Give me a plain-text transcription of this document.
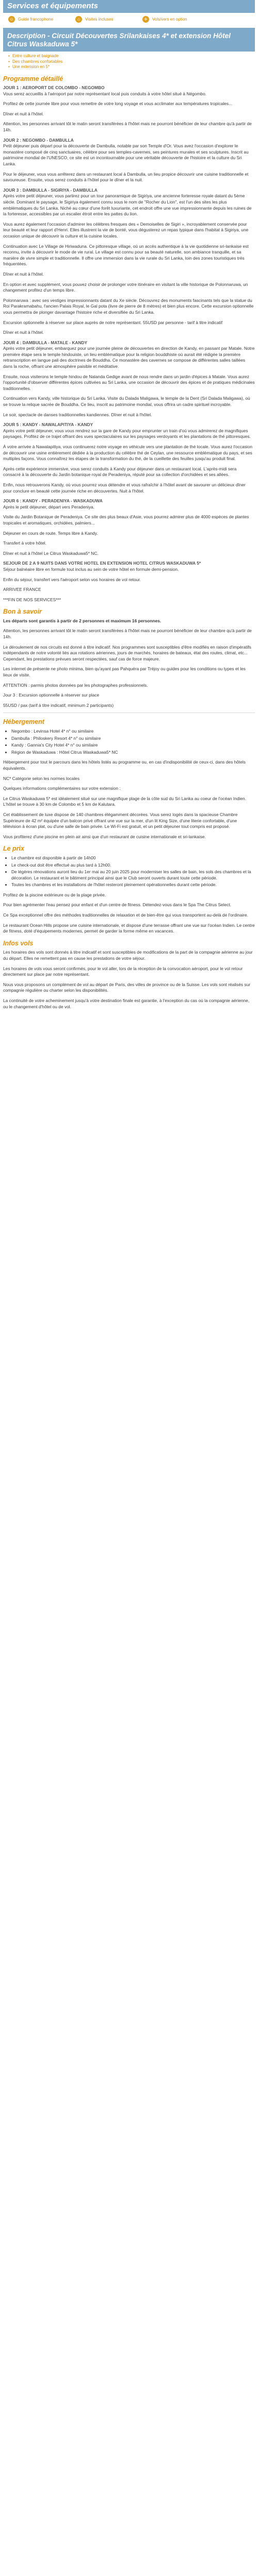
Services et équipements
☺	Guide francophone	⌂	Visites incluses	✈	Vols/vers en option
Description - Circuit Découvertes Srilankaises 4* et extension Hôtel Citrus Waskaduwa 5*
▪ Entre culture et baignade
▪ Des chambres confortables
▪ Une extension en 5*
Programme détaillé

JOUR 1 : AEROPORT DE COLOMBO - NEGOMBO

Vous serez accueillis à l'aéroport par notre représentant local puis conduits à votre hôtel situé à Négombo.

Profitez de cette journée libre pour vous remettre de votre long voyage et vous acclimater aux températures tropicales...

Dîner et nuit à l'hôtel.

Attention, les personnes arrivant tôt le matin seront transférées à l'hôtel mais ne pourront bénéficier de leur chambre qu'à partir de 14h.

JOUR 2 : NEGOMBO - DAMBULLA

Petit déjeuner puis départ pour la découverte de Dambulla, notable par son Temple d'Or. Vous avez l'occasion d'explorer le monastère composé de cinq sanctuaires, célèbre pour ses temples-cavernes, ses peintures murales et ses sculptures. Inscrit au patrimoine mondial de l'UNESCO, ce site est un incontournable pour une véritable découverte de l'histoire et la culture du Sri Lanka.

Pour le déjeuner, vous vous arrêterez dans un restaurant local à Dambulla, un lieu propice découvrir une cuisine traditionnelle et savoureuse. Ensuite, vous serez conduits à l'hôtel pour le dîner et la nuit.

JOUR 3 : DAMBULLA - SIGIRIYA - DAMBULLA

Après votre petit déjeuner, vous partirez pour un tour panoramique de Sigiriya, une ancienne forteresse royale datant du 5ème siècle. Dominant le paysage, le Sigiriya également connu sous le nom de "Rocher du Lion", est l'un des sites les plus emblématiques du Sri Lanka. Niché au cœur d'une forêt luxuriante, cet endroit offre une vue impressionnante depuis les ruines de la forteresse, accessibles par un escalier étroit entre les pattes du lion.

Vous aurez également l'occasion d'admirer les célèbres fresques des « Demoiselles de Sigiri », incroyablement conservée pour leur beauté et leur rapport d'Henri. Elles illustrent la vie de bonté, vous dégusterez un repas typique dans l'habitat à Sigiriya, une occasion unique de découvrir la culture et la cuisine locales.

Continuation avec Le Village de Hiriwaduna. Ce pittoresque village, où un accès authentique à la vie quotidienne sri-lankaise est reconnu, invite à découvrir le mode de vie rural. Le village est connu pour sa beauté naturelle, son ambiance tranquille, et sa manière de vivre simple et traditionnelle. Il offre une immersion dans la vie rurale du Sri Lanka, loin des zones touristiques très fréquentées.

Dîner et nuit à l'hôtel.

En option et avec supplément, vous pouvez choisir de prolonger votre itinéraire en visitant la ville historique de Polonnaruwa, un changement profitez d'un temps libre.

Polonnaruwa : avec ses vestiges impressionnants datant du Xe siècle. Découvrez des monuments fascinants tels que la statue du Roi Parakramabahu, l'ancien Palais Royal, le Gal pota (livre de pierre de 8 mètres) et bien plus encore. Cette excursion optionnelle vous permettra de plonger davantage l'histoire riche et diversifiée du Sri Lanka.

Excursion optionnelle à réserver sur place auprès de notre représentant. 55USD par personne - tarif à titre indicatif

Dîner et nuit à l'hôtel.

JOUR 4 : DAMBULLA - MATALE - KANDY

Après votre petit déjeuner, embarquez pour une journée pleine de découvertes en direction de Kandy, en passant par Matale. Notre première étape sera le temple hindouiste, un lieu emblématique pour la religion bouddhiste où aurait été rédigée la première retranscription en langue pali des doctrines de Bouddha. Ce monastère des cavernes se compose de différentes salles taillées dans la roche, offrant une atmosphère paisible et méditative.

Ensuite, nous visiterons le temple hindou de Nalanda Gedige avant de nous rendre dans un jardin d'épices à Matale. Vous aurez l'opportunité d'observer différentes épices cultivées au Sri Lanka, une occasion de découvrir des épices et de pratiques médicinales traditionnelles.

Continuation vers Kandy, ville historique du Sri Lanka. Visite du Dalada Maligawa, le temple de la Dent (Sri Dalada Maligawa), où se trouve la relique sacrée de Bouddha. Ce lieu, inscrit au patrimoine mondial, vous offrira un cadre spirituel incroyable.

Le soir, spectacle de danses traditionnelles kandiennes. Dîner et nuit à l'hôtel.

JOUR 5 : KANDY - NAWALAPITIYA - KANDY

Après votre petit déjeuner, vous vous rendrez sur la gare de Kandy pour emprunter un train d'où vous admirerez de magnifiques paysages. Profitez de ce trajet offrant des vues spectaculaires sur les paysages verdoyants et les plantations de thé pittoresques.

À votre arrivée à Nawalapitiya, vous continuerez notre voyage en véhicule vers une plantation de thé locale. Vous aurez l'occasion de découvrir une usine entièrement dédiée à la production du célèbre thé de Ceylan, une ressource emblématique du pays, et ses multiples façons. Vous connaîtrez les étapes de la transformation du thé, de la cueillette des feuilles jusqu'au produit final.

Après cette expérience immersive, vous serez conduits à Kandy pour déjeuner dans un restaurant local. L'après-midi sera consacré à la découverte du Jardin botanique royal de Peradeniya, réputé pour sa collection d'orchidées et ses allées.

Enfin, nous retrouverons Kandy, où vous pourrez vous détendre et vous rafraîchir à l'hôtel avant de savourer un délicieux dîner pour conclure en beauté cette journée riche en découvertes. Nuit à l'hôtel.

JOUR 6 : KANDY - PERADENIYA - WASKADUWA

Après le petit déjeuner, départ vers Peradeniya.

Visite du Jardin Botanique de Peradeniya. Ce site des plus beaux d'Asie, vous pourrez admirer plus de 4000 espèces de plantes tropicales et aromatiques, orchidées, palmiers...

Déjeuner en cours de route. Temps libre à Kandy.

Transfert à votre hôtel.

Dîner et nuit à l'hôtel Le Citrus Waskaduwa5* NC.

SEJOUR DE 2 A 9 NUITS DANS VOTRE HOTEL EN EXTENSION HOTEL CITRUS WASKADUWA 5*

Séjour balnéaire libre en formule tout inclus au sein de votre hôtel en formule demi-pension.

Enfin du séjour, transfert vers l'aéroport selon vos horaires de vol retour.

ARRIVEE FRANCE

***FIN DE NOS SERVICES***

Bon à savoir

Les départs sont garantis à partir de 2 personnes et maximum 16 personnes.

Attention, les personnes arrivant tôt le matin seront transférées à l'hôtel mais ne pourront bénéficier de leur chambre qu'à partir de 14h.

Le déroulement de nos circuits est donné à titre indicatif. Nos programmes sont susceptibles d'être modifiés en raison d'impératifs indépendants de notre volonté liés aux rotations aériennes, jours de marchés, horaires de bateaux, état des routes, climat, etc... Cependant, les prestations prévues seront respectées, sauf cas de force majeure.

Les internet de présente ne photo minima, bien qu'ayant pas Pahquéra par Tréjoy ou guides pour les conditions ou types et les lieux de visite.

ATTENTION : parmis photos données par les photographes professionnels.

Jour 3 : Excursion optionnelle à réserver sur place

55USD / pax (tarif à titre indicatif, minimum 2 participants)

Hébergement
• Negombo : Levinsa Hotel 4* n° ou similaire
• Dambulla : Philoskery Resort 4* n° ou similaire
• Kandy : Gannia's City Hotel 4* n° ou similaire
• Région de Waskaduwa : Hôtel Citrus Waskaduwa5* NC

Hébergement pour tout le parcours dans les hôtels listés au programme ou, en cas d'indisponibilité de ceux-ci, dans des hôtels équivalents.

NC* Catégorie selon les normes locales

Quelques informations complémentaires sur votre extension :

Le Citrus Waskaduwa 5* est idéalement situé sur une magnifique plage de la côte sud du Sri Lanka au coeur de l'océan Indien. L'hôtel se trouve à 30 km de Colombo et 5 km de Kalutara.

Cet établissement de luxe dispose de 140 chambres élégamment décorées. Vous serez logés dans la spacieuse Chambre Supérieure de 42 m² équipée d'un balcon privé offrant une vue sur la mer, d'un lit King Size, d'une literie confortable, d'une télévision à écran plat, ou d'une salle de bain privée. Le Wi-Fi est gratuit, et un petit déjeuner tout compris est proposé.

Vous profiterez d'une piscine en plein air ainsi que d'un restaurant de cuisine internationale et sri-lankaise.

Le prix
• Le chambre est disponible à partir de 14h00
• Le check-out doit être effectué au plus tard à 12h00.
• De légères rénovations auront lieu du 1er mai au 20 juin 2025 pour moderniser les salles de bain, les sols des chambres et la décoration. Le restaurant et le bâtiment principal ainsi que le Club seront ouverts durant toute cette période.
• Toutes les chambres et les installations de l'hôtel resteront pleinement opérationnelles durant cette période.

Profitez de la piscine extérieure ou de la plage privée.

Pour bien agrémenter l'eau pensez pour enfant et d'un centre de fitness. Détendez-vous dans le Spa The Citrus Select.

Ce Spa exceptionnel offre des méthodes traditionnelles de relaxation et de bien-être qui vous transportent au-delà de l'ordinaire.

Le restaurant Ocean Hills propose une cuisine internationale, et dispose d'une terrasse offrant une vue sur l'océan Indien. Le centre de fitness, doté d'équipements modernes, permet de garder la forme même en vacances.

Infos vols

Les horaires des vols sont donnés à titre indicatif et sont susceptibles de modifications de la part de la compagnie aérienne au jour du départ. Elles ne remettent pas en cause les prestations de votre séjour.

Les horaires de vols vous seront confirmés, pour le vol aller, lors de la réception de la convocation aéroport, pour le vol retour directement sur place par notre représentant.

Nous vous proposons un complément de vol au départ de Paris, des villes de province ou de la Suisse. Les vols sont réalisés sur compagnie régulière ou charter selon les disponibilités.

La continuité de votre acheminement jusqu'à votre destination finale est garantie, à l'exception du cas où la compagnie aérienne, ou le changement d'hôtel ou de vol.
